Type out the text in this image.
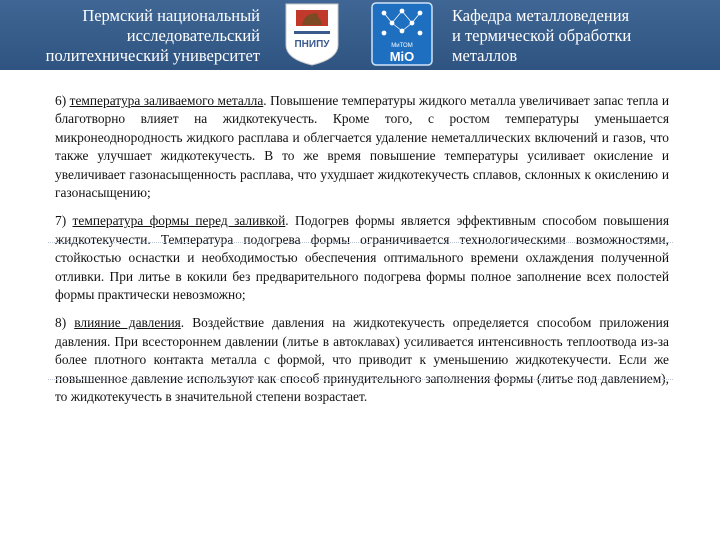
Пермский национальный
исследовательский
политехнический университет
ПНИПУ	МиТОМ
МiO
Кафедра металловедения
и термической обработки
металлов

6) температура заливаемого металла. Повышение температуры жидкого металла увеличивает запас тепла и благотворно влияет на жидкотекучесть. Кроме того, с ростом температуры уменьшается микронеоднородность жидкого расплава и облегчается удаление неметаллических включений и газов, что также улучшает жидкотекучесть. В то же время повышение температуры усиливает окисление и увеличивает газонасыщенность расплава, что ухудшает жидкотекучесть сплавов, склонных к окислению и газонасыщению;

7) температура формы перед заливкой. Подогрев формы является эффективным способом повышения жидкотекучести. Температура подогрева формы ограничивается технологическими возможностями, стойкостью оснастки и необходимостью обеспечения оптимального времени охлаждения полученной отливки. При литье в кокили без предварительного подогрева формы полное заполнение всех полостей формы практически невозможно;

8) влияние давления. Воздействие давления на жидкотекучесть определяется способом приложения давления. При всестороннем давлении (литье в автоклавах) усиливается интенсивность теплоотвода из-за более плотного контакта металла с формой, что приводит к уменьшению жидкотекучести. Если же повышенное давление используют как способ принудительного заполнения формы (литье под давлением), то жидкотекучесть в значительной степени возрастает.
